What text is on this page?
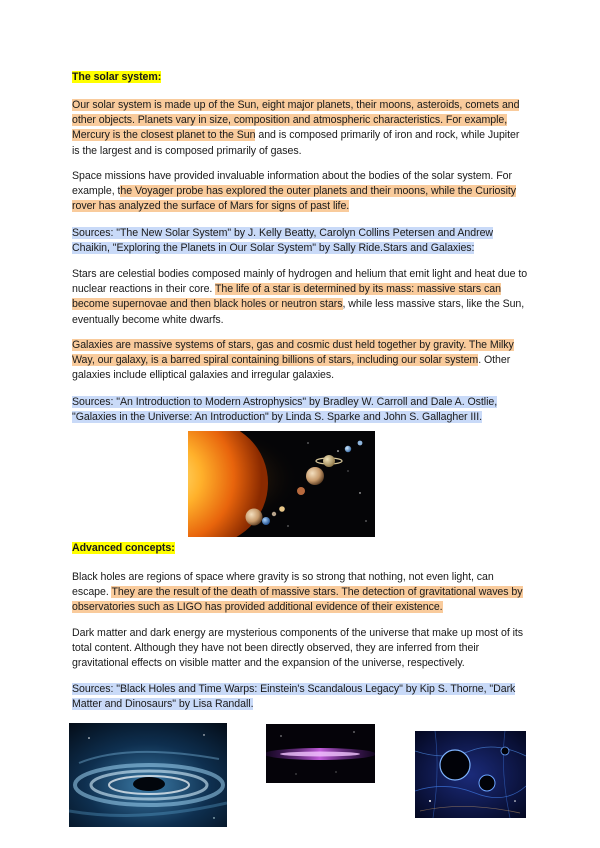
The solar system:

Our solar system is made up of the Sun, eight major planets, their moons, asteroids, comets and other objects. Planets vary in size, composition and atmospheric characteristics. For example, Mercury is the closest planet to the Sun and is composed primarily of iron and rock, while Jupiter is the largest and is composed primarily of gases.

Space missions have provided invaluable information about the bodies of the solar system. For example, the Voyager probe has explored the outer planets and their moons, while the Curiosity rover has analyzed the surface of Mars for signs of past life.

Sources: "The New Solar System" by J. Kelly Beatty, Carolyn Collins Petersen and Andrew Chaikin, "Exploring the Planets in Our Solar System" by Sally Ride.Stars and Galaxies:

Stars are celestial bodies composed mainly of hydrogen and helium that emit light and heat due to nuclear reactions in their core. The life of a star is determined by its mass: massive stars can become supernovae and then black holes or neutron stars, while less massive stars, like the Sun, eventually become white dwarfs.

Galaxies are massive systems of stars, gas and cosmic dust held together by gravity. The Milky Way, our galaxy, is a barred spiral containing billions of stars, including our solar system. Other galaxies include elliptical galaxies and irregular galaxies.

Sources: "An Introduction to Modern Astrophysics" by Bradley W. Carroll and Dale A. Ostlie, "Galaxies in the Universe: An Introduction" by Linda S. Sparke and John S. Gallagher III.

Advanced concepts:

Black holes are regions of space where gravity is so strong that nothing, not even light, can escape. They are the result of the death of massive stars. The detection of gravitational waves by observatories such as LIGO has provided additional evidence of their existence.

Dark matter and dark energy are mysterious components of the universe that make up most of its total content. Although they have not been directly observed, they are inferred from their gravitational effects on visible matter and the expansion of the universe, respectively.

Sources: "Black Holes and Time Warps: Einstein's Scandalous Legacy" by Kip S. Thorne, "Dark Matter and Dinosaurs" by Lisa Randall.
